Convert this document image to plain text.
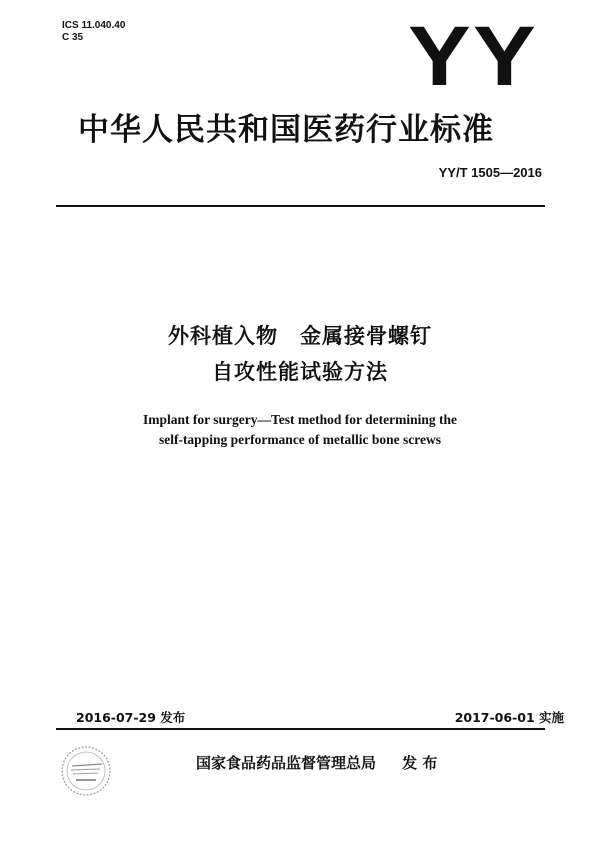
ICS 11.040.40
C 35	YY
中华人民共和国医药行业标准
YY/T 1505—2016
外科植入物　金属接骨螺钉
自攻性能试验方法
Implant for surgery—Test method for determining the
self-tapping performance of metallic bone screws
2016-07-29 发布	2017-06-01 实施
国家食品药品监督管理总局 发 布
